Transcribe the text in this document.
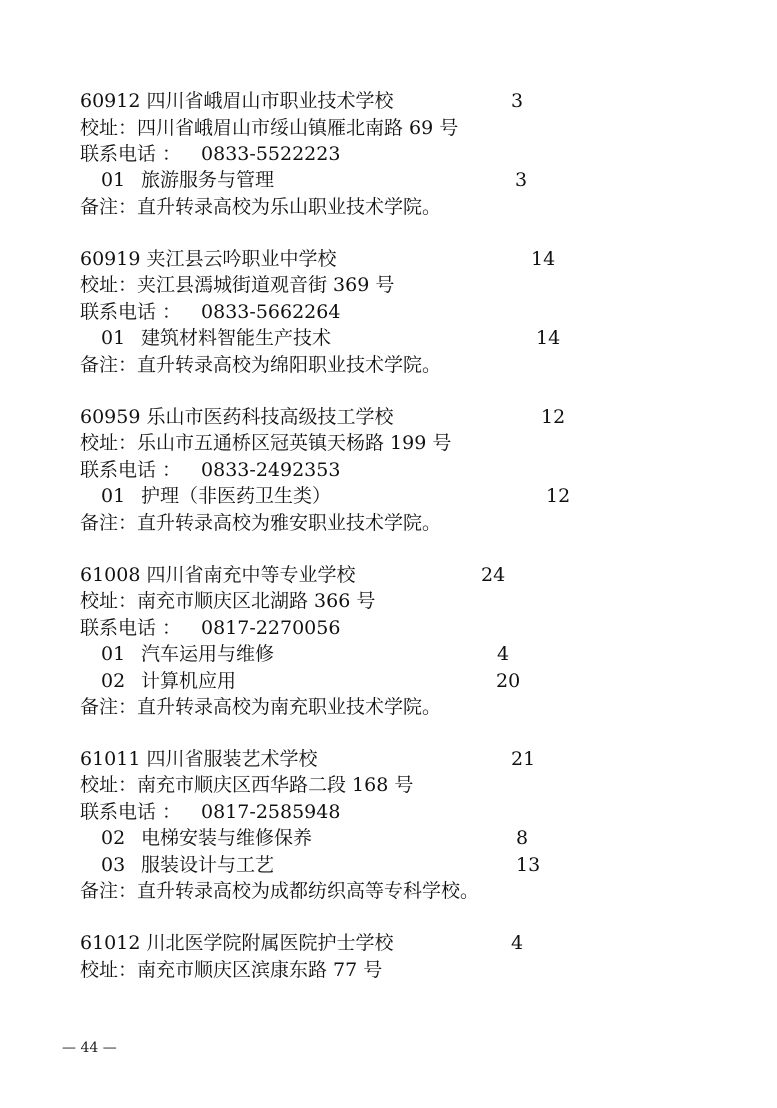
60912 四川省峨眉山市职业技术学校	3
校址：四川省峨眉山市绥山镇雁北南路 69 号
联系电话 ： 0833-5522223
01 旅游服务与管理	3
备注：直升转录高校为乐山职业技术学院。
60919 夹江县云吟职业中学校	14
校址：夹江县漹城街道观音街 369 号
联系电话 ： 0833-5662264
01 建筑材料智能生产技术	14
备注：直升转录高校为绵阳职业技术学院。
60959 乐山市医药科技高级技工学校	12
校址：乐山市五通桥区冠英镇天杨路 199 号
联系电话 ： 0833-2492353
01 护理（非医药卫生类）	12
备注：直升转录高校为雅安职业技术学院。
61008 四川省南充中等专业学校	24
校址：南充市顺庆区北湖路 366 号
联系电话 ： 0817-2270056
01 汽车运用与维修	4
02 计算机应用	20
备注：直升转录高校为南充职业技术学院。
61011 四川省服装艺术学校	21
校址：南充市顺庆区西华路二段 168 号
联系电话 ： 0817-2585948
02 电梯安装与维修保养	8
03 服装设计与工艺	13
备注：直升转录高校为成都纺织高等专科学校。
61012 川北医学院附属医院护士学校	4
校址：南充市顺庆区滨康东路 77 号
— 44 —
